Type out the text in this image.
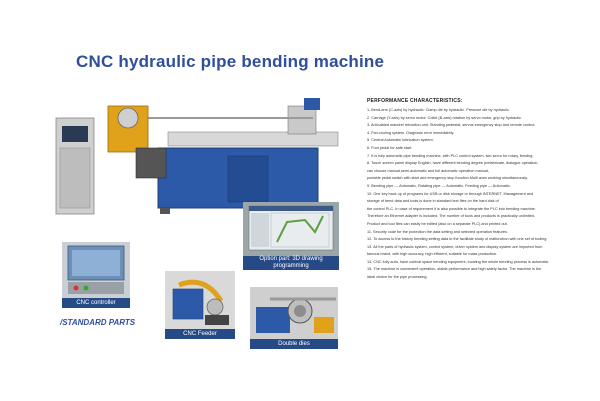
CNC hydraulic pipe bending machine
PERFORMANCE CHARACTERISTICS:
1. Bend-arm (C-axis) by hydraulic. Clamp die by hydraulic. Pressure die by hydraulic.
2. Carriage (Y-axis) by servo motor. Collet (B-axis) rotation by servo motor, grip by hydraulic.
3. Articulated mandrel retraction unit. Standing pedestal, servos emergency stop and remote control.
4. Fan-cooling system. Diagnosis error immediately.
5. Central Automatic lubrication system.
6. Foot pedal for safe start.
7. It is fully automatic pipe bending machine, with PLC control system, two servo for rotary, feeding.
8. Touch screen panel display English, have different bending degree prefabricate, dialogue operation,
can choose manual,semi-automatic and full automatic operation manual,
portable pedal switch with start and emergency stop function.Multi axes working simultaneously.
9. Bending pipe — Automatic, Rotating pipe — Automatic, Feeding pipe — Automatic.
10. One key back up of programs for USB or disk storage or through INTERNET. Management and
storage of bend data and tools is done in standard text files on the hard disk of
the control PLC. In case of requirement it is also possible to integrate the PLC into bending machine.
Therefore an Ethernet adapter is included. The number of tools and products is practically unlimited.
Product and tool files can easily be edited (also on a separate PLC) and printed out.
11. Security code for the protection the data setting and selected operation features.
12. To access to the history bending setting data to the facilitate study of malfunction with one set of tooling.
13. All the parts of hydraulic system, control system, driver system and display system are imported from
famous brand, with high accuracy, high efficient, suitable for mass production.
14. CNC fully auto, have cubical space bending equipment, locating the whole bending process is automatic.
15. The machine is convenient operation, stable performance and high safety factor. The machine is the
ideal choice for the pipe processing.
Option part: 3D drawing
programming
CNC controller
/STANDARD PARTS
CNC Feeder
Double dies
